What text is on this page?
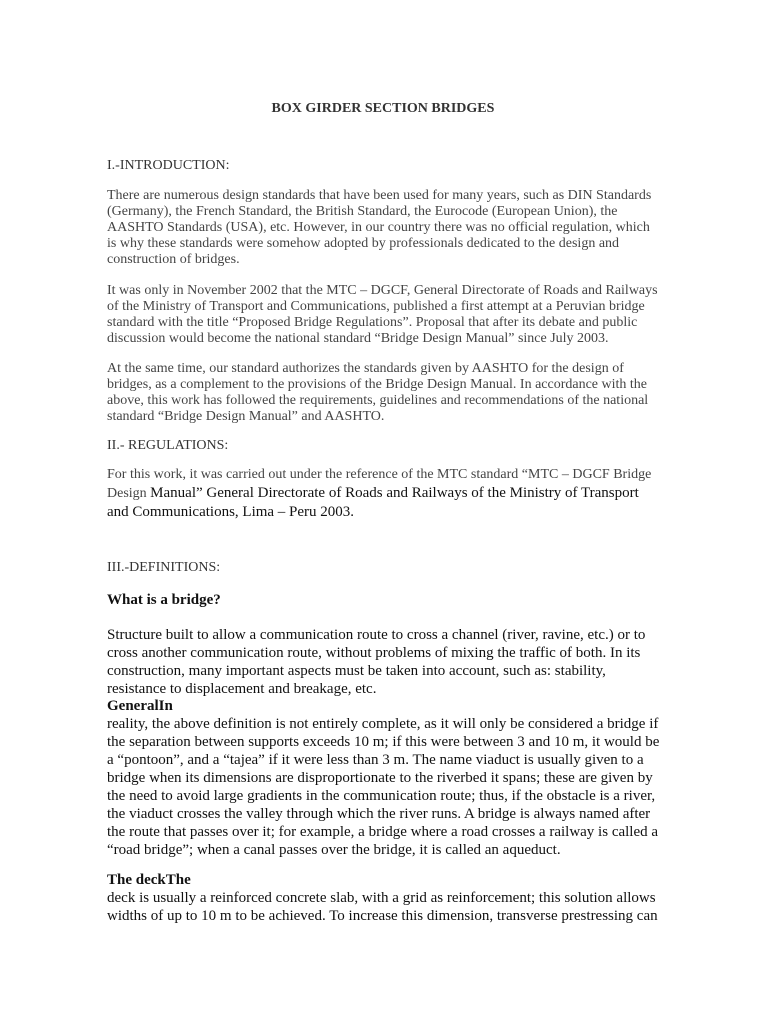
BOX GIRDER SECTION BRIDGES
I.-INTRODUCTION:
There are numerous design standards that have been used for many years, such as DIN Standards (Germany), the French Standard, the British Standard, the Eurocode (European Union), the AASHTO Standards (USA), etc. However, in our country there was no official regulation, which is why these standards were somehow adopted by professionals dedicated to the design and construction of bridges.
It was only in November 2002 that the MTC – DGCF, General Directorate of Roads and Railways of the Ministry of Transport and Communications, published a first attempt at a Peruvian bridge standard with the title “Proposed Bridge Regulations”. Proposal that after its debate and public discussion would become the national standard “Bridge Design Manual” since July 2003.
At the same time, our standard authorizes the standards given by AASHTO for the design of bridges, as a complement to the provisions of the Bridge Design Manual. In accordance with the above, this work has followed the requirements, guidelines and recommendations of the national standard “Bridge Design Manual” and AASHTO.
II.- REGULATIONS:
For this work, it was carried out under the reference of the MTC standard “MTC – DGCF Bridge Design Manual” General Directorate of Roads and Railways of the Ministry of Transport and Communications, Lima – Peru 2003.
III.-DEFINITIONS:
What is a bridge?
Structure built to allow a communication route to cross a channel (river, ravine, etc.) or to cross another communication route, without problems of mixing the traffic of both. In its construction, many important aspects must be taken into account, such as: stability, resistance to displacement and breakage, etc.
GeneralIn
reality, the above definition is not entirely complete, as it will only be considered a bridge if the separation between supports exceeds 10 m; if this were between 3 and 10 m, it would be a “pontoon”, and a “tajea” if it were less than 3 m. The name viaduct is usually given to a bridge when its dimensions are disproportionate to the riverbed it spans; these are given by the need to avoid large gradients in the communication route; thus, if the obstacle is a river, the viaduct crosses the valley through which the river runs. A bridge is always named after the route that passes over it; for example, a bridge where a road crosses a railway is called a “road bridge”; when a canal passes over the bridge, it is called an aqueduct.
The deckThe
deck is usually a reinforced concrete slab, with a grid as reinforcement; this solution allows widths of up to 10 m to be achieved. To increase this dimension, transverse prestressing can
